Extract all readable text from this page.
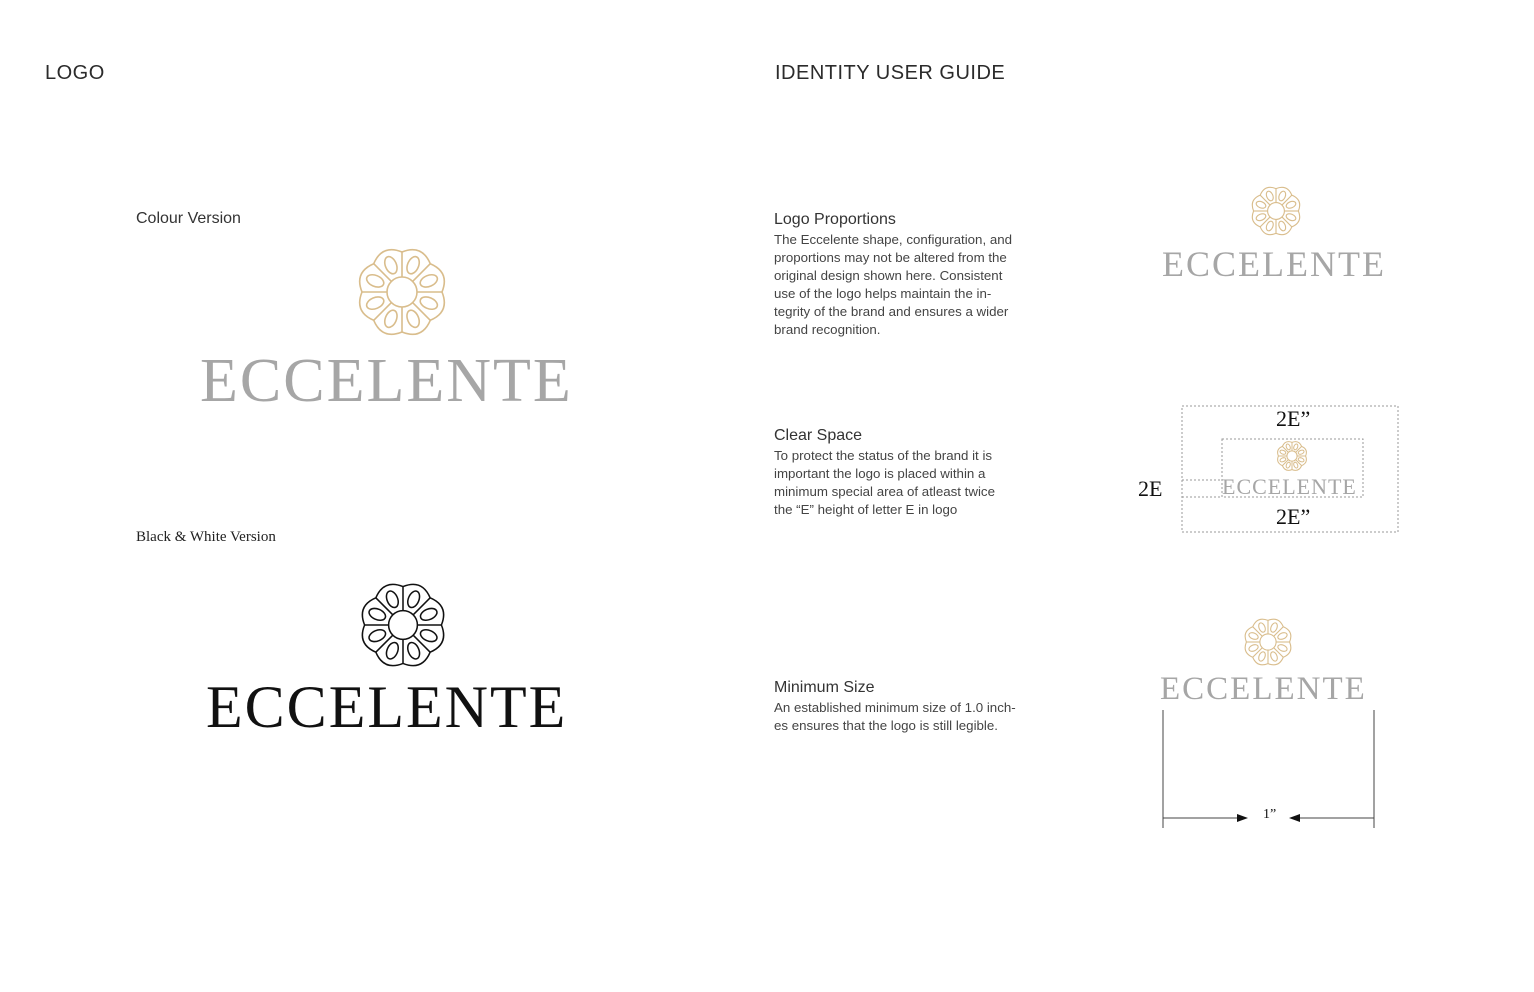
LOGO
Colour Version
ECCELENTE
Black & White Version
ECCELENTE
IDENTITY USER GUIDE
Logo Proportions
The Eccelente shape, configuration, and
proportions may not be altered from the
original design shown here. Consistent
use of the logo helps maintain the in-
tegrity of the brand and ensures a wider
brand recognition.
ECCELENTE
Clear Space
To protect the status of the brand it is
important the logo is placed within a
minimum special area of atleast twice
the “E” height of letter E in logo
2E”
2E
2E”
ECCELENTE
Minimum Size
An established minimum size of 1.0 inch-
es ensures that the logo is still legible.
ECCELENTE
1”
